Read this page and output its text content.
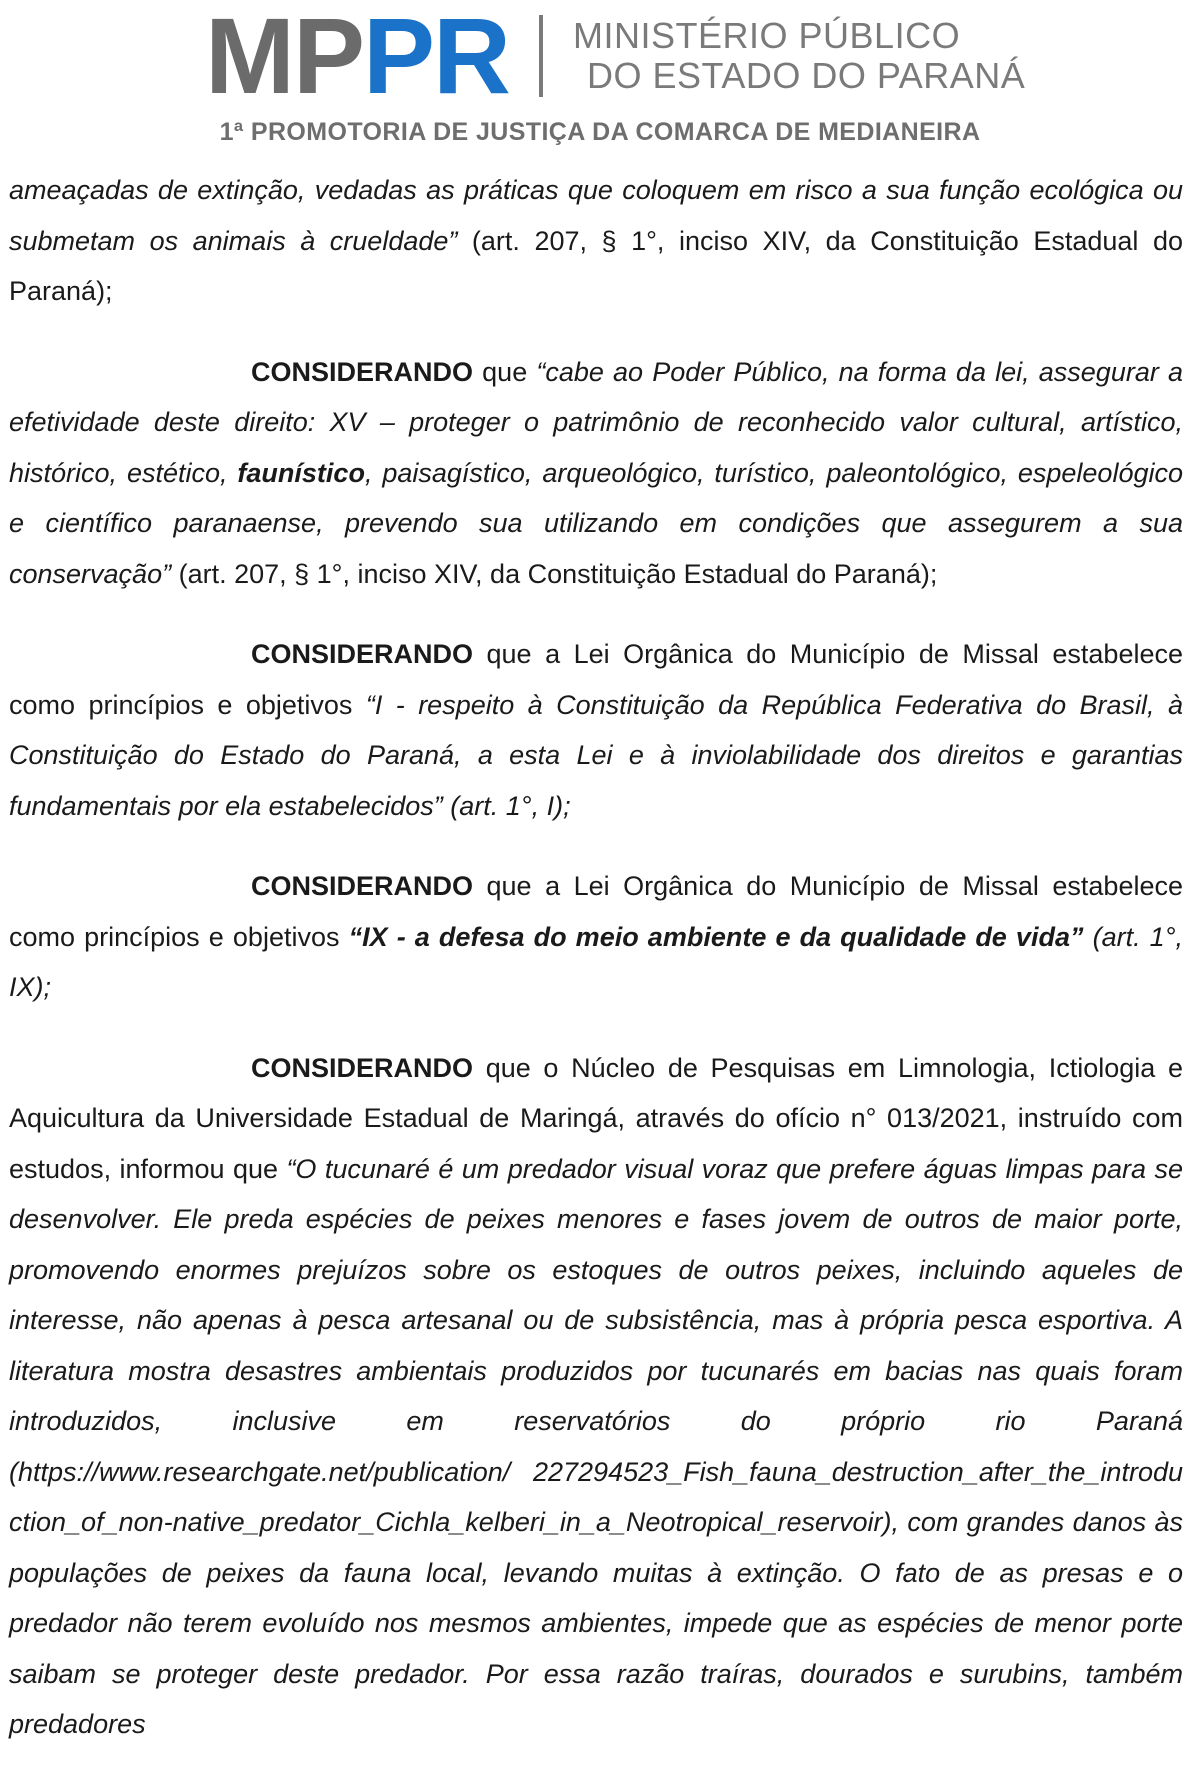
MP PR MINISTÉRIO PÚBLICO
DO ESTADO DO PARANÁ
1ª PROMOTORIA DE JUSTIÇA DA COMARCA DE MEDIANEIRA

ameaçadas de extinção, vedadas as práticas que coloquem em risco a sua função ecológica ou submetam os animais à crueldade” (art. 207, § 1°, inciso XIV, da Constituição Estadual do Paraná);

CONSIDERANDO que “cabe ao Poder Público, na forma da lei, assegurar a efetividade deste direito: XV – proteger o patrimônio de reconhecido valor cultural, artístico, histórico, estético, faunístico, paisagístico, arqueológico, turístico, paleontológico, espeleológico e científico paranaense, prevendo sua utilizando em condições que assegurem a sua conservação” (art. 207, § 1°, inciso XIV, da Constituição Estadual do Paraná);

CONSIDERANDO que a Lei Orgânica do Município de Missal estabelece como princípios e objetivos “I - respeito à Constituição da República Federativa do Brasil, à Constituição do Estado do Paraná, a esta Lei e à inviolabilidade dos direitos e garantias fundamentais por ela estabelecidos” (art. 1°, I);

CONSIDERANDO que a Lei Orgânica do Município de Missal estabelece como princípios e objetivos “IX - a defesa do meio ambiente e da qualidade de vida” (art. 1°, IX);

CONSIDERANDO que o Núcleo de Pesquisas em Limnologia, Ictiologia e Aquicultura da Universidade Estadual de Maringá, através do ofício n° 013/2021, instruído com estudos, informou que “O tucunaré é um predador visual voraz que prefere águas limpas para se desenvolver. Ele preda espécies de peixes menores e fases jovem de outros de maior porte, promovendo enormes prejuízos sobre os estoques de outros peixes, incluindo aqueles de interesse, não apenas à pesca artesanal ou de subsistência, mas à própria pesca esportiva. A literatura mostra desastres ambientais produzidos por tucunarés em bacias nas quais foram introduzidos, inclusive em reservatórios do próprio rio Paraná (https://www.researchgate.net/publication/ 227294523_Fish_fauna_destruction_after_the_introdu ction_of_non-native_predator_Cichla_kelberi_in_a_Neotropical_reservoir), com grandes danos às populações de peixes da fauna local, levando muitas à extinção. O fato de as presas e o predador não terem evoluído nos mesmos ambientes, impede que as espécies de menor porte saibam se proteger deste predador. Por essa razão traíras, dourados e surubins, também predadores
